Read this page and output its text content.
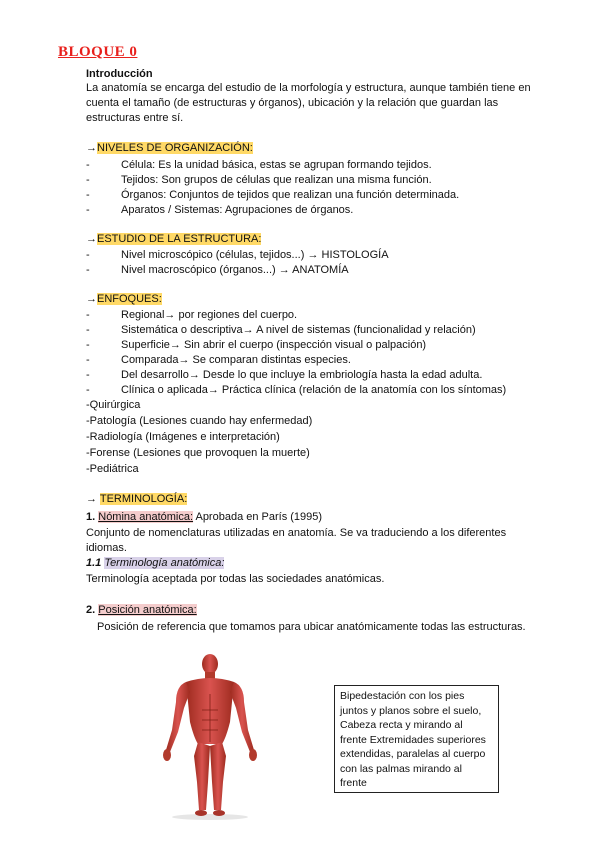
BLOQUE 0
Introducción
La anatomía se encarga del estudio de la morfología y estructura, aunque también tiene en
cuenta el tamaño (de estructuras y órganos), ubicación y la relación que guardan las
estructuras entre sí.
→NIVELES DE ORGANIZACIÓN:
-	Célula: Es la unidad básica, estas se agrupan formando tejidos.
-	Tejidos: Son grupos de células que realizan una misma función.
-	Órganos: Conjuntos de tejidos que realizan una función determinada.
-	Aparatos / Sistemas: Agrupaciones de órganos.
→ESTUDIO DE LA ESTRUCTURA:
-	Nivel microscópico (células, tejidos...) → HISTOLOGÍA
-	Nivel macroscópico (órganos...) → ANATOMÍA
→ENFOQUES:
-	Regional→ por regiones del cuerpo.
-	Sistemática o descriptiva→ A nivel de sistemas (funcionalidad y relación)
-	Superficie→ Sin abrir el cuerpo (inspección visual o palpación)
-	Comparada→ Se comparan distintas especies.
-	Del desarrollo→ Desde lo que incluye la embriología hasta la edad adulta.
-	Clínica o aplicada→ Práctica clínica (relación de la anatomía con los síntomas)
-Quirúrgica
-Patología (Lesiones cuando hay enfermedad)
-Radiología (Imágenes e interpretación)
-Forense (Lesiones que provoquen la muerte)
-Pediátrica
→ TERMINOLOGÍA:
1. Nómina anatómica: Aprobada en París (1995)
Conjunto de nomenclaturas utilizadas en anatomía. Se va traduciendo a los diferentes
idiomas.
1.1 Terminología anatómica:
Terminología aceptada por todas las sociedades anatómicas.
2. Posición anatómica:
Posición de referencia que tomamos para ubicar anatómicamente todas las estructuras.
Bipedestación con los pies
juntos y planos sobre el suelo,
Cabeza recta y mirando al
frente Extremidades superiores
extendidas, paralelas al cuerpo
con las palmas mirando al
frente
